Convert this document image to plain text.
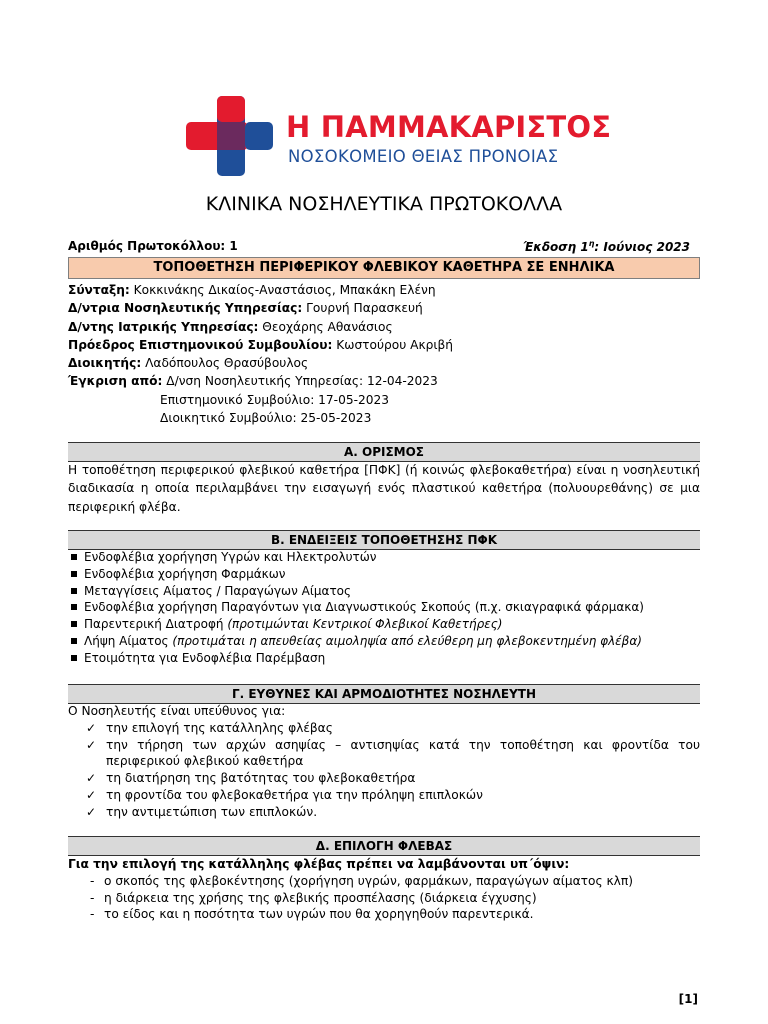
Η ΠΑΜΜΑΚΑΡΙΣΤΟΣ
ΝΟΣΟΚΟΜΕΙΟ ΘΕΙΑΣ ΠΡΟΝΟΙΑΣ
ΚΛΙΝΙΚΑ ΝΟΣΗΛΕΥΤΙΚΑ ΠΡΩΤΟΚΟΛΛΑ
Αριθμός Πρωτοκόλλου: 1	Έκδοση $1^\eta$: Ιούνιος 2023
ΤΟΠΟΘΕΤΗΣΗ ΠΕΡΙΦΕΡΙΚΟΥ ΦΛΕΒΙΚΟΥ ΚΑΘΕΤΗΡΑ ΣΕ ΕΝΗΛΙΚΑ
Σύνταξη: Κοκκινάκης Δικαίος-Αναστάσιος, Μπακάκη Ελένη
Δ/ντρια Νοσηλευτικής Υπηρεσίας: Γουρνή Παρασκευή
Δ/ντης Ιατρικής Υπηρεσίας: Θεοχάρης Αθανάσιος
Πρόεδρος Επιστημονικού Συμβουλίου: Κωστούρου Ακριβή
Διοικητής: Λαδόπουλος Θρασύβουλος
Έγκριση από: Δ/νση Νοσηλευτικής Υπηρεσίας: 12-04-2023
Επιστημονικό Συμβούλιο: 17-05-2023
Διοικητικό Συμβούλιο: 25-05-2023
Α. ΟΡΙΣΜΟΣ
Η τοποθέτηση περιφερικού φλεβικού καθετήρα [ΠΦΚ] (ή κοινώς φλεβοκαθετήρα) είναι η νοσηλευτική διαδικασία η οποία περιλαμβάνει την εισαγωγή ενός πλαστικού καθετήρα (πολυουρεθάνης) σε μια περιφερική φλέβα.
Β. ΕΝΔΕΙΞΕΙΣ ΤΟΠΟΘΕΤΗΣΗΣ ΠΦΚ
Ενδοφλέβια χορήγηση Υγρών και Ηλεκτρολυτών
Ενδοφλέβια χορήγηση Φαρμάκων
Μεταγγίσεις Αίματος / Παραγώγων Αίματος
Ενδοφλέβια χορήγηση Παραγόντων για Διαγνωστικούς Σκοπούς (π.χ. σκιαγραφικά φάρμακα)
Παρεντερική Διατροφή (προτιμώνται Κεντρικοί Φλεβικοί Καθετήρες)
Λήψη Αίματος (προτιμάται η απευθείας αιμοληψία από ελεύθερη μη φλεβοκεντημένη φλέβα)
Ετοιμότητα για Ενδοφλέβια Παρέμβαση
Γ. ΕΥΘΥΝΕΣ ΚΑΙ ΑΡΜΟΔΙΟΤΗΤΕΣ ΝΟΣΗΛΕΥΤΗ
Ο Νοσηλευτής είναι υπεύθυνος για:
✓ την επιλογή της κατάλληλης φλέβας
✓ την τήρηση των αρχών ασηψίας – αντισηψίας κατά την τοποθέτηση και φροντίδα του περιφερικού φλεβικού καθετήρα
✓ τη διατήρηση της βατότητας του φλεβοκαθετήρα
✓ τη φροντίδα του φλεβοκαθετήρα για την πρόληψη επιπλοκών
✓ την αντιμετώπιση των επιπλοκών.
Δ. ΕΠΙΛΟΓΗ ΦΛΕΒΑΣ
Για την επιλογή της κατάλληλης φλέβας πρέπει να λαμβάνονται υπ΄όψιν:
- ο σκοπός της φλεβοκέντησης (χορήγηση υγρών, φαρμάκων, παραγώγων αίματος κλπ)
- η διάρκεια της χρήσης της φλεβικής προσπέλασης (διάρκεια έγχυσης)
- το είδος και η ποσότητα των υγρών που θα χορηγηθούν παρεντερικά.
[1]
